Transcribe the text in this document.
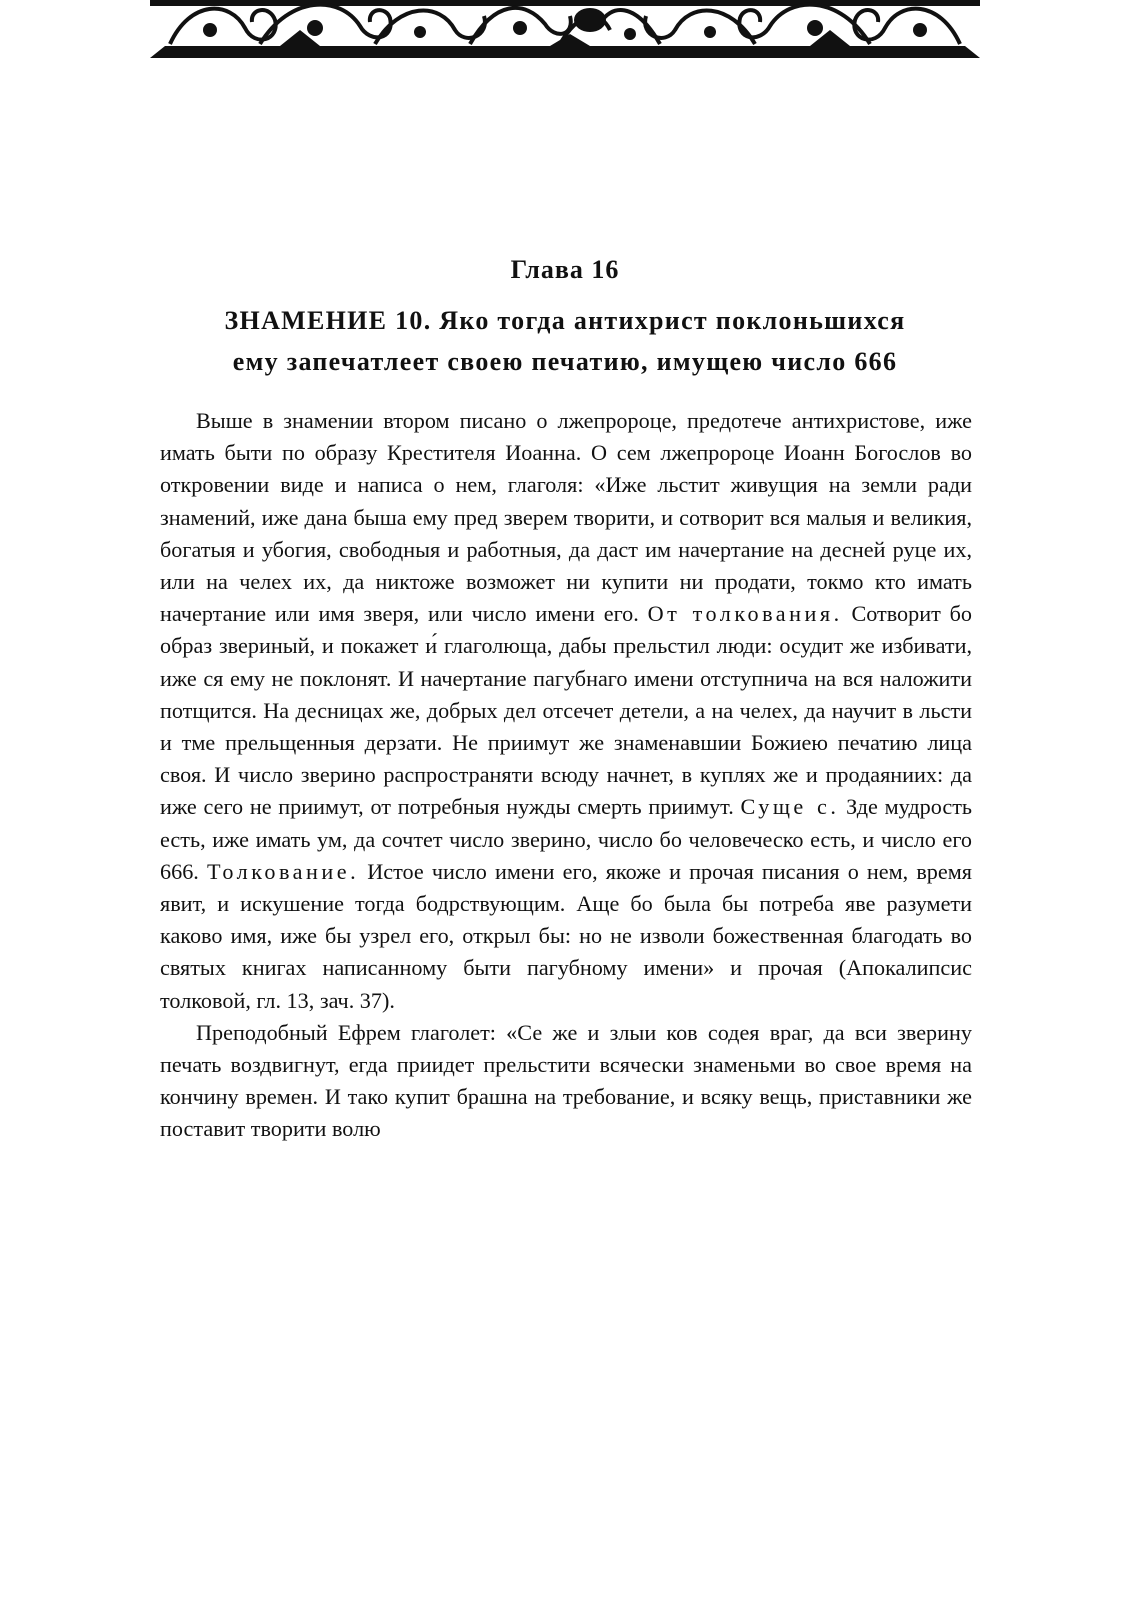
Глава 16
ЗНАМЕНИЕ 10. Яко тогда антихрист поклоньшихся
ему запечатлеет своею печатию, имущею число 666

Выше в знамении втором писано о лжепророце, предотече антихристове, иже имать быти по образу Крестителя Иоанна. О сем лжепророце Иоанн Богослов во откровении виде и написа о нем, глаголя: «Иже льстит живущия на земли ради знамений, иже дана быша ему пред зверем творити, и сотворит вся малыя и великия, богатыя и убогия, свободныя и работныя, да даст им начертание на десней руце их, или на челех их, да никтоже возможет ни купити ни продати, токмо кто имать начертание или имя зверя, или число имени его. От толкования. Сотворит бо образ звериный, и покажет и́ глаголюща, дабы прельстил люди: осудит же избивати, иже ся ему не поклонят. И начертание пагубнаго имени отступнича на вся наложити потщится. На десницах же, добрых дел отсечет детели, а на челех, да научит в льсти и тме прельщенныя дерзати. Не приимут же знаменавшии Божиею печатию лица своя. И число зверино распространяти всюду начнет, в куплях же и продаяниих: да иже сего не приимут, от потребныя нужды смерть приимут. Суще с. Зде мудрость есть, иже имать ум, да сочтет число зверино, число бо человеческо есть, и число его 666. Толкование. Истое число имени его, якоже и прочая писания о нем, время явит, и искушение тогда бодрствующим. Аще бо была бы потреба яве разумети каково имя, иже бы узрел его, открыл бы: но не изволи божественная благодать во святых книгах написанному быти пагубному имени» и прочая (Апокалипсис толковой, гл. 13, зач. 37).

Преподобный Ефрем глаголет: «Се же и злыи ков содея враг, да вси зверину печать воздвигнут, егда приидет прельстити всячески знаменьми во свое время на кончину времен. И тако купит брашна на требование, и всяку вещь, приставники же поставит творити волю
